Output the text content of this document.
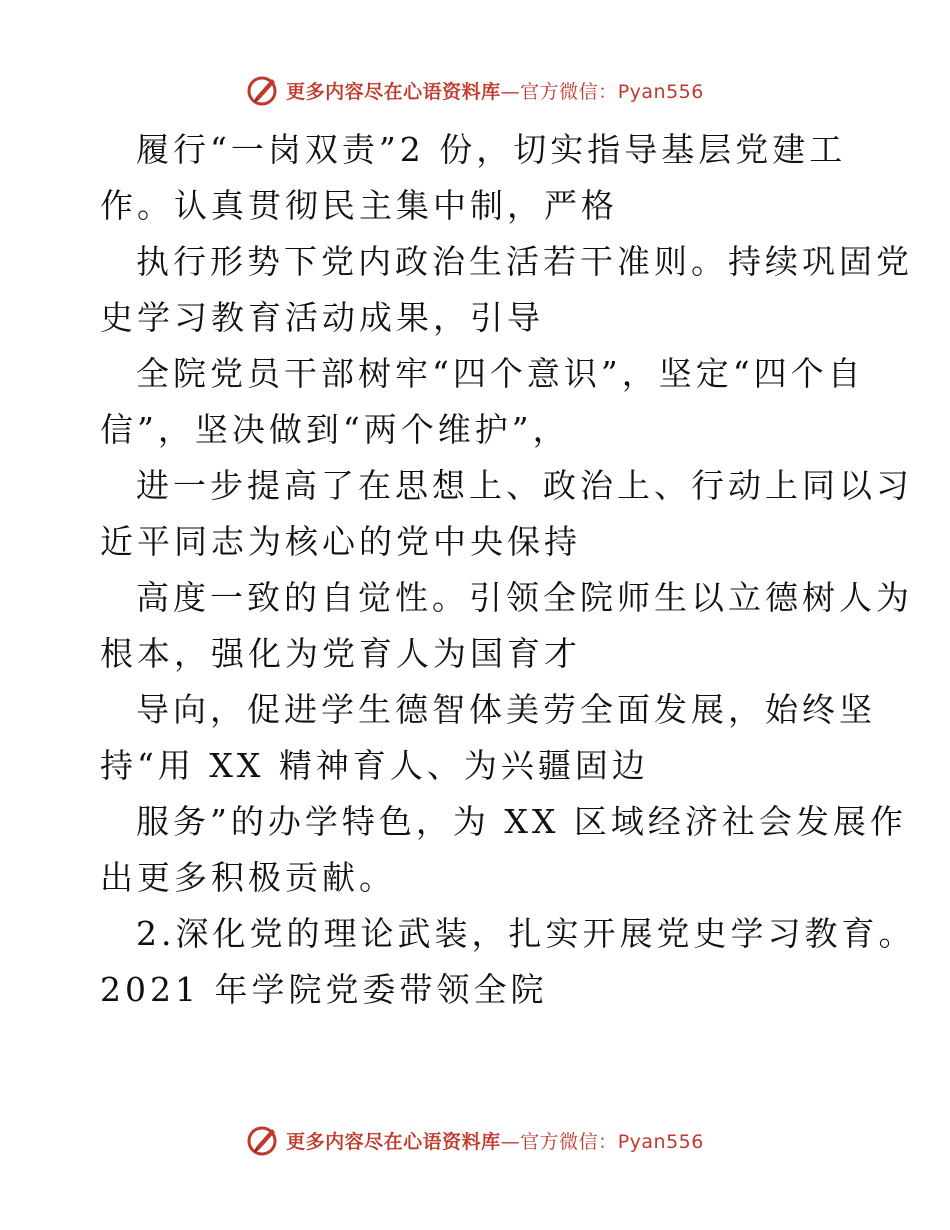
更多内容尽在心语资料库—官方微信：Pyan556
履行“一岗双责”2 份，切实指导基层党建工
作。认真贯彻民主集中制，严格
执行形势下党内政治生活若干准则。持续巩固党
史学习教育活动成果，引导
全院党员干部树牢“四个意识”，坚定“四个自
信”，坚决做到“两个维护”，
进一步提高了在思想上、政治上、行动上同以习
近平同志为核心的党中央保持
高度一致的自觉性。引领全院师生以立德树人为
根本，强化为党育人为国育才
导向，促进学生德智体美劳全面发展，始终坚
持“用 XX 精神育人、为兴疆固边
服务”的办学特色，为 XX 区域经济社会发展作
出更多积极贡献。
2.深化党的理论武装，扎实开展党史学习教育。
2021 年学院党委带领全院
更多内容尽在心语资料库—官方微信：Pyan556
